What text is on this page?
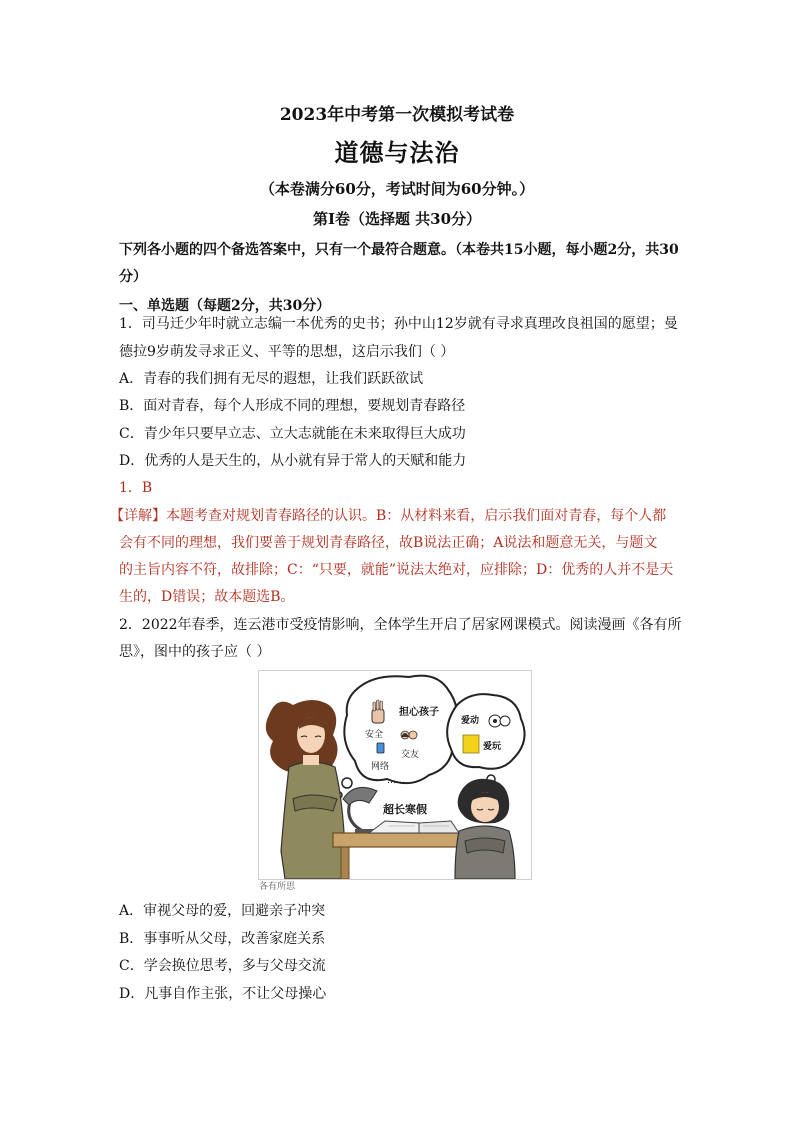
2023年中考第一次模拟考试卷
道德与法治
（本卷满分60分，考试时间为60分钟。）
第I卷（选择题 共30分）
下列各小题的四个备选答案中，只有一个最符合题意。（本卷共15小题，每小题2分，共30分）
一、单选题（每题2分，共30分）
1．司马迁少年时就立志编一本优秀的史书；孙中山12岁就有寻求真理改良祖国的愿望；曼
德拉9岁萌发寻求正义、平等的思想，这启示我们（ ）
A．青春的我们拥有无尽的遐想，让我们跃跃欲试
B．面对青春，每个人形成不同的理想，要规划青春路径
C．青少年只要早立志、立大志就能在未来取得巨大成功
D．优秀的人是天生的，从小就有异于常人的天赋和能力
1．B
【详解】本题考查对规划青春路径的认识。B：从材料来看，启示我们面对青春，每个人都
会有不同的理想，我们要善于规划青春路径，故B说法正确；A说法和题意无关，与题文
的主旨内容不符，故排除；C：“只要，就能”说法太绝对，应排除；D：优秀的人并不是天
生的，D错误；故本题选B。
2．2022年春季，连云港市受疫情影响，全体学生开启了居家网课模式。阅读漫画《各有所
思》，图中的孩子应（ ）
担心孩子
安全
交友
网络
……
爱动
爱玩
超长寒假
各有所思
A．审视父母的爱，回避亲子冲突
B．事事听从父母，改善家庭关系
C．学会换位思考，多与父母交流
D．凡事自作主张，不让父母操心
